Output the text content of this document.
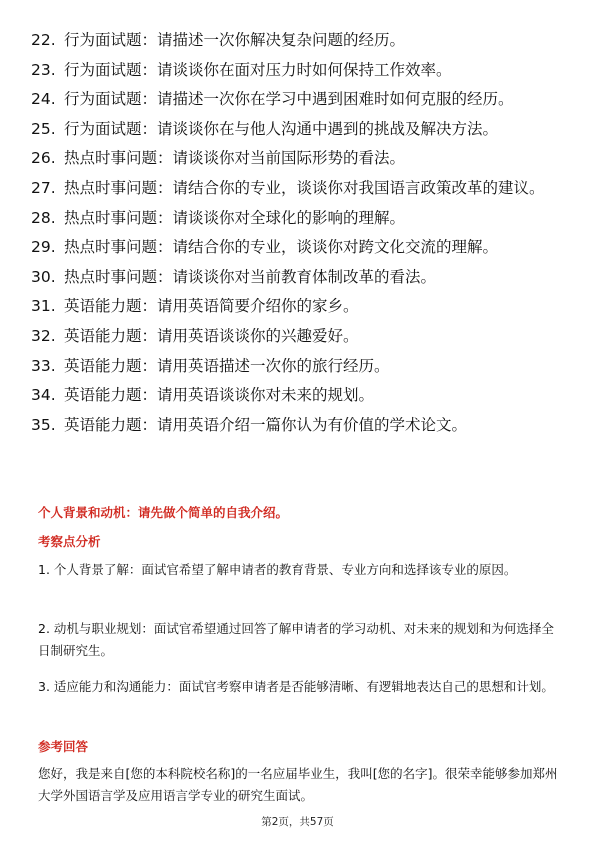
22. 行为面试题：请描述一次你解决复杂问题的经历。
23. 行为面试题：请谈谈你在面对压力时如何保持工作效率。
24. 行为面试题：请描述一次你在学习中遇到困难时如何克服的经历。
25. 行为面试题：请谈谈你在与他人沟通中遇到的挑战及解决方法。
26. 热点时事问题：请谈谈你对当前国际形势的看法。
27. 热点时事问题：请结合你的专业，谈谈你对我国语言政策改革的建议。
28. 热点时事问题：请谈谈你对全球化的影响的理解。
29. 热点时事问题：请结合你的专业，谈谈你对跨文化交流的理解。
30. 热点时事问题：请谈谈你对当前教育体制改革的看法。
31. 英语能力题：请用英语简要介绍你的家乡。
32. 英语能力题：请用英语谈谈你的兴趣爱好。
33. 英语能力题：请用英语描述一次你的旅行经历。
34. 英语能力题：请用英语谈谈你对未来的规划。
35. 英语能力题：请用英语介绍一篇你认为有价值的学术论文。
个人背景和动机：请先做个简单的自我介绍。
考察点分析
1. 个人背景了解：面试官希望了解申请者的教育背景、专业方向和选择该专业的原因。
2. 动机与职业规划：面试官希望通过回答了解申请者的学习动机、对未来的规划和为何选择全日制研究生。
3. 适应能力和沟通能力：面试官考察申请者是否能够清晰、有逻辑地表达自己的思想和计划。
参考回答
您好，我是来自[您的本科院校名称]的一名应届毕业生，我叫[您的名字]。很荣幸能够参加郑州大学外国语言学及应用语言学专业的研究生面试。
第2页，共57页
